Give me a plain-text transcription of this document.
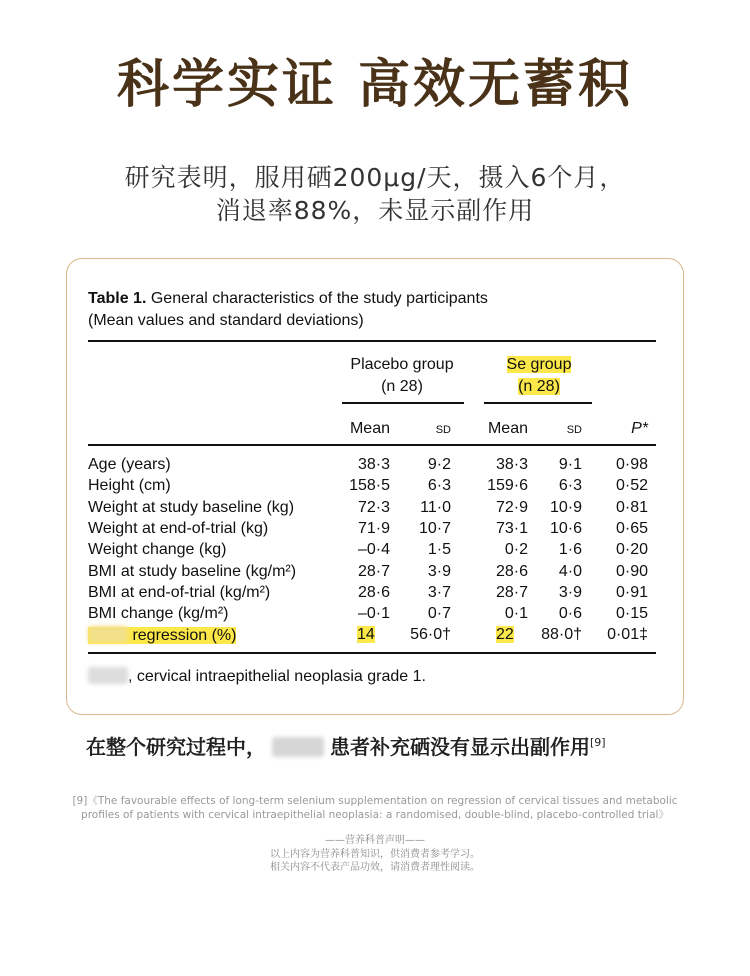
科学实证 高效无蓄积
研究表明，服用硒200μg/天，摄入6个月，
消退率88%，未显示副作用
Table 1. General characteristics of the study participants
(Mean values and standard deviations)
Placebo group
(n 28)
Se group
(n 28)
Mean	SD	Mean	SD	P*
Age (years)	38·3	9·2	38·3	9·1	0·98
Height (cm)	158·5	6·3	159·6	6·3	0·52
Weight at study baseline (kg)	72·3	11·0	72·9	10·9	0·81
Weight at end-of-trial (kg)	71·9	10·7	73·1	10·6	0·65
Weight change (kg)	–0·4	1·5	0·2	1·6	0·20
BMI at study baseline (kg/m²)	28·7	3·9	28·6	4·0	0·90
BMI at end-of-trial (kg/m²)	28·6	3·7	28·7	3·9	0·91
BMI change (kg/m²)	–0·1	0·7	0·1	0·6	0·15
regression (%)	14	56·0†	22	88·0†	0·01‡
, cervical intraepithelial neoplasia grade 1.
在整个研究过程中，	患者补充硒没有显示出副作用[9]
[9]《The favourable effects of long-term selenium supplementation on regression of cervical tissues and metabolic
profiles of patients with cervical intraepithelial neoplasia: a randomised, double-blind, placebo-controlled trial》
——营养科普声明——
以上内容为营养科普知识，供消费者参考学习。
相关内容不代表产品功效，请消费者理性阅读。
